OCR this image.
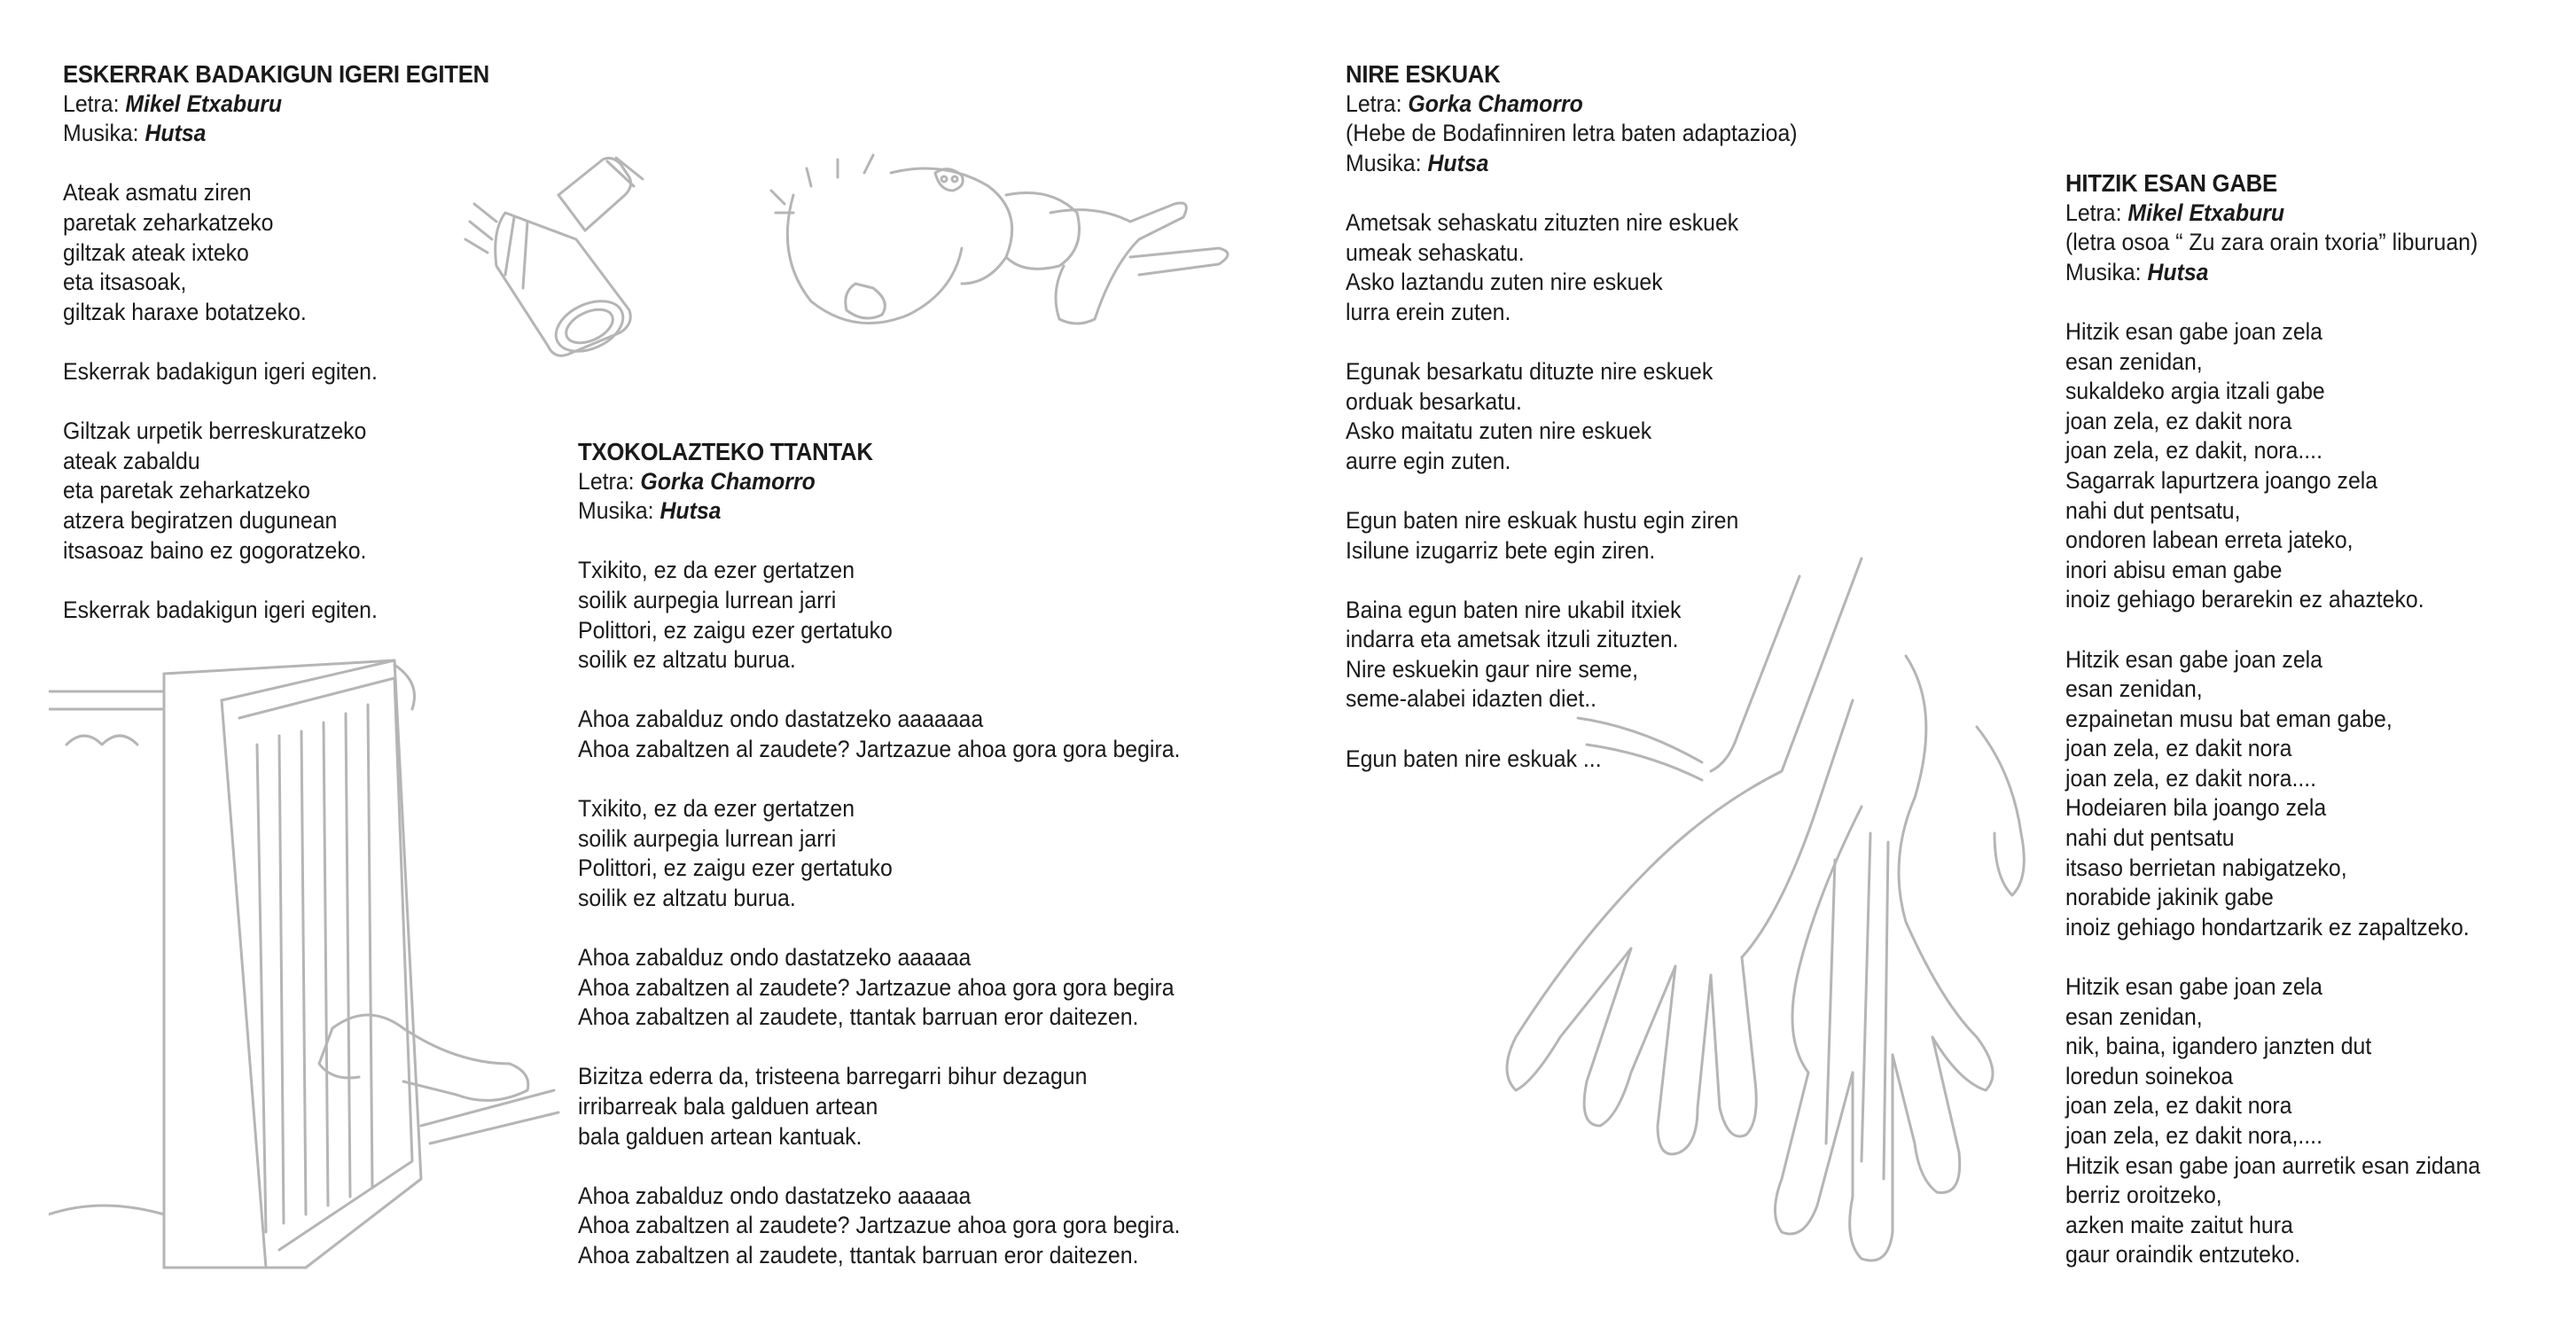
ESKERRAK BADAKIGUN IGERI EGITEN

Letra: Mikel Etxaburu

Musika: Hutsa

Ateak asmatu ziren
paretak zeharkatzeko
giltzak ateak ixteko
eta itsasoak,
giltzak haraxe botatzeko.
Eskerrak badakigun igeri egiten.
Giltzak urpetik berreskuratzeko
ateak zabaldu
eta paretak zeharkatzeko
atzera begiratzen dugunean
itsasoaz baino ez gogoratzeko.
Eskerrak badakigun igeri egiten.
TXOKOLAZTEKO TTANTAK

Letra: Gorka Chamorro

Musika: Hutsa

Txikito, ez da ezer gertatzen
soilik aurpegia lurrean jarri
Polittori, ez zaigu ezer gertatuko
soilik ez altzatu burua.
Ahoa zabalduz ondo dastatzeko aaaaaaa
Ahoa zabaltzen al zaudete? Jartzazue ahoa gora gora begira.
Txikito, ez da ezer gertatzen
soilik aurpegia lurrean jarri
Polittori, ez zaigu ezer gertatuko
soilik ez altzatu burua.
Ahoa zabalduz ondo dastatzeko aaaaaa
Ahoa zabaltzen al zaudete? Jartzazue ahoa gora gora begira
Ahoa zabaltzen al zaudete, ttantak barruan eror daitezen.
Bizitza ederra da, tristeena barregarri bihur dezagun
irribarreak bala galduen artean
bala galduen artean kantuak.
Ahoa zabalduz ondo dastatzeko aaaaaa
Ahoa zabaltzen al zaudete? Jartzazue ahoa gora gora begira.
Ahoa zabaltzen al zaudete, ttantak barruan eror daitezen.
NIRE ESKUAK

Letra: Gorka Chamorro

(Hebe de Bodafinniren letra baten adaptazioa)

Musika: Hutsa

Ametsak sehaskatu zituzten nire eskuek
umeak sehaskatu.
Asko laztandu zuten nire eskuek
lurra erein zuten.
Egunak besarkatu dituzte nire eskuek
orduak besarkatu.
Asko maitatu zuten nire eskuek
aurre egin zuten.
Egun baten nire eskuak hustu egin ziren
Isilune izugarriz bete egin ziren.
Baina egun baten nire ukabil itxiek
indarra eta ametsak itzuli zituzten.
Nire eskuekin gaur nire seme,
seme-alabei idazten diet..
Egun baten nire eskuak ...
HITZIK ESAN GABE

Letra: Mikel Etxaburu

(letra osoa “ Zu zara orain txoria” liburuan)

Musika: Hutsa

Hitzik esan gabe joan zela
esan zenidan,
sukaldeko argia itzali gabe
joan zela, ez dakit nora
joan zela, ez dakit, nora....
Sagarrak lapurtzera joango zela
nahi dut pentsatu,
ondoren labean erreta jateko,
inori abisu eman gabe
inoiz gehiago berarekin ez ahazteko.
Hitzik esan gabe joan zela
esan zenidan,
ezpainetan musu bat eman gabe,
joan zela, ez dakit nora
joan zela, ez dakit nora....
Hodeiaren bila joango zela
nahi dut pentsatu
itsaso berrietan nabigatzeko,
norabide jakinik gabe
inoiz gehiago hondartzarik ez zapaltzeko.
Hitzik esan gabe joan zela
esan zenidan,
nik, baina, igandero janzten dut
loredun soinekoa
joan zela, ez dakit nora
joan zela, ez dakit nora,....
Hitzik esan gabe joan aurretik esan zidana
berriz oroitzeko,
azken maite zaitut hura
gaur oraindik entzuteko.
